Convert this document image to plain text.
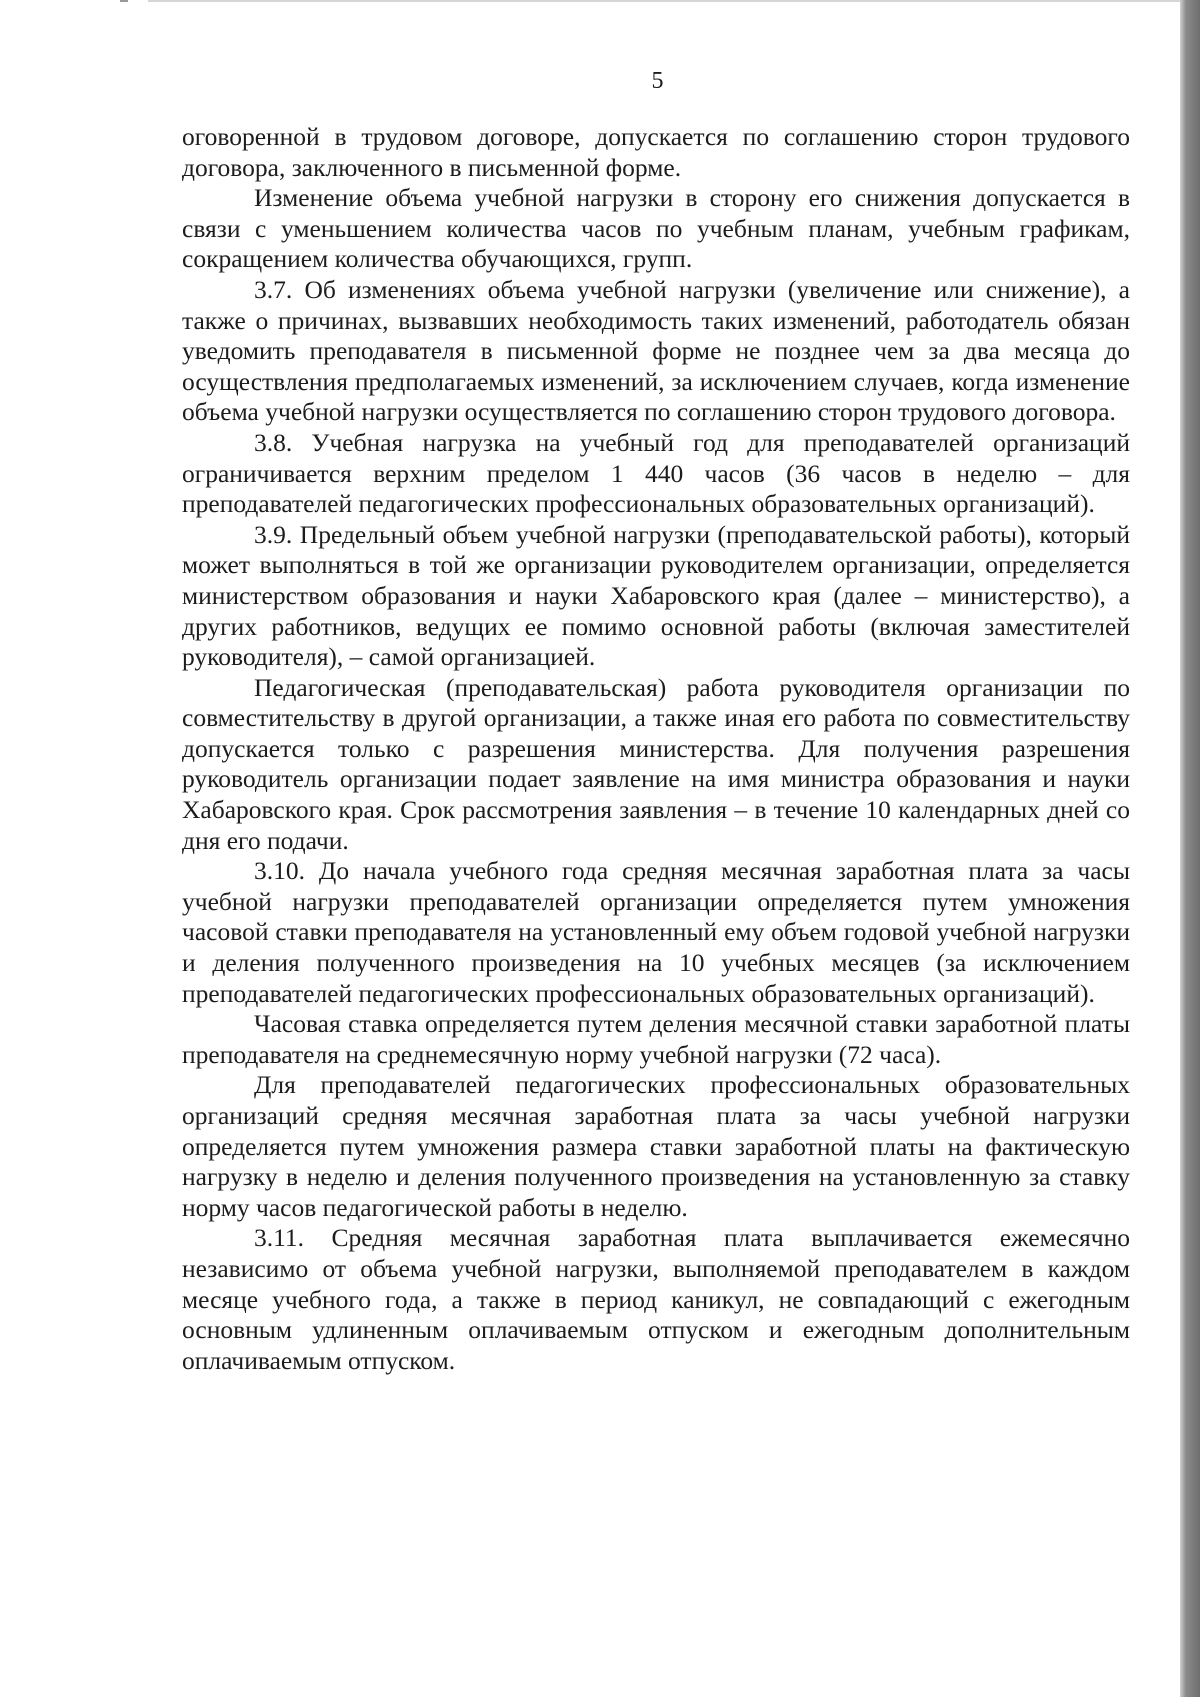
5

оговоренной в трудовом договоре, допускается по соглашению сторон трудового договора, заключенного в письменной форме.

Изменение объема учебной нагрузки в сторону его снижения допускается в связи с уменьшением количества часов по учебным планам, учебным графикам, сокращением количества обучающихся, групп.

3.7. Об изменениях объема учебной нагрузки (увеличение или снижение), а также о причинах, вызвавших необходимость таких изменений, работодатель обязан уведомить преподавателя в письменной форме не позднее чем за два месяца до осуществления предполагаемых изменений, за исключением случаев, когда изменение объема учебной нагрузки осуществляется по соглашению сторон трудового договора.

3.8. Учебная нагрузка на учебный год для преподавателей организаций ограничивается верхним пределом 1 440 часов (36 часов в неделю – для преподавателей педагогических профессиональных образовательных организаций).

3.9. Предельный объем учебной нагрузки (преподавательской работы), который может выполняться в той же организации руководителем организации, определяется министерством образования и науки Хабаровского края (далее – министерство), а других работников, ведущих ее помимо основной работы (включая заместителей руководителя), – самой организацией.

Педагогическая (преподавательская) работа руководителя организации по совместительству в другой организации, а также иная его работа по совместительству допускается только с разрешения министерства. Для получения разрешения руководитель организации подает заявление на имя министра образования и науки Хабаровского края. Срок рассмотрения заявления – в течение 10 календарных дней со дня его подачи.

3.10. До начала учебного года средняя месячная заработная плата за часы учебной нагрузки преподавателей организации определяется путем умножения часовой ставки преподавателя на установленный ему объем годовой учебной нагрузки и деления полученного произведения на 10 учебных месяцев (за исключением преподавателей педагогических профессиональных образовательных организаций).

Часовая ставка определяется путем деления месячной ставки заработной платы преподавателя на среднемесячную норму учебной нагрузки (72 часа).

Для преподавателей педагогических профессиональных образовательных организаций средняя месячная заработная плата за часы учебной нагрузки определяется путем умножения размера ставки заработной платы на фактическую нагрузку в неделю и деления полученного произведения на установленную за ставку норму часов педагогической работы в неделю.

3.11. Средняя месячная заработная плата выплачивается ежемесячно независимо от объема учебной нагрузки, выполняемой преподавателем в каждом месяце учебного года, а также в период каникул, не совпадающий с ежегодным основным удлиненным оплачиваемым отпуском и ежегодным дополнительным оплачиваемым отпуском.
